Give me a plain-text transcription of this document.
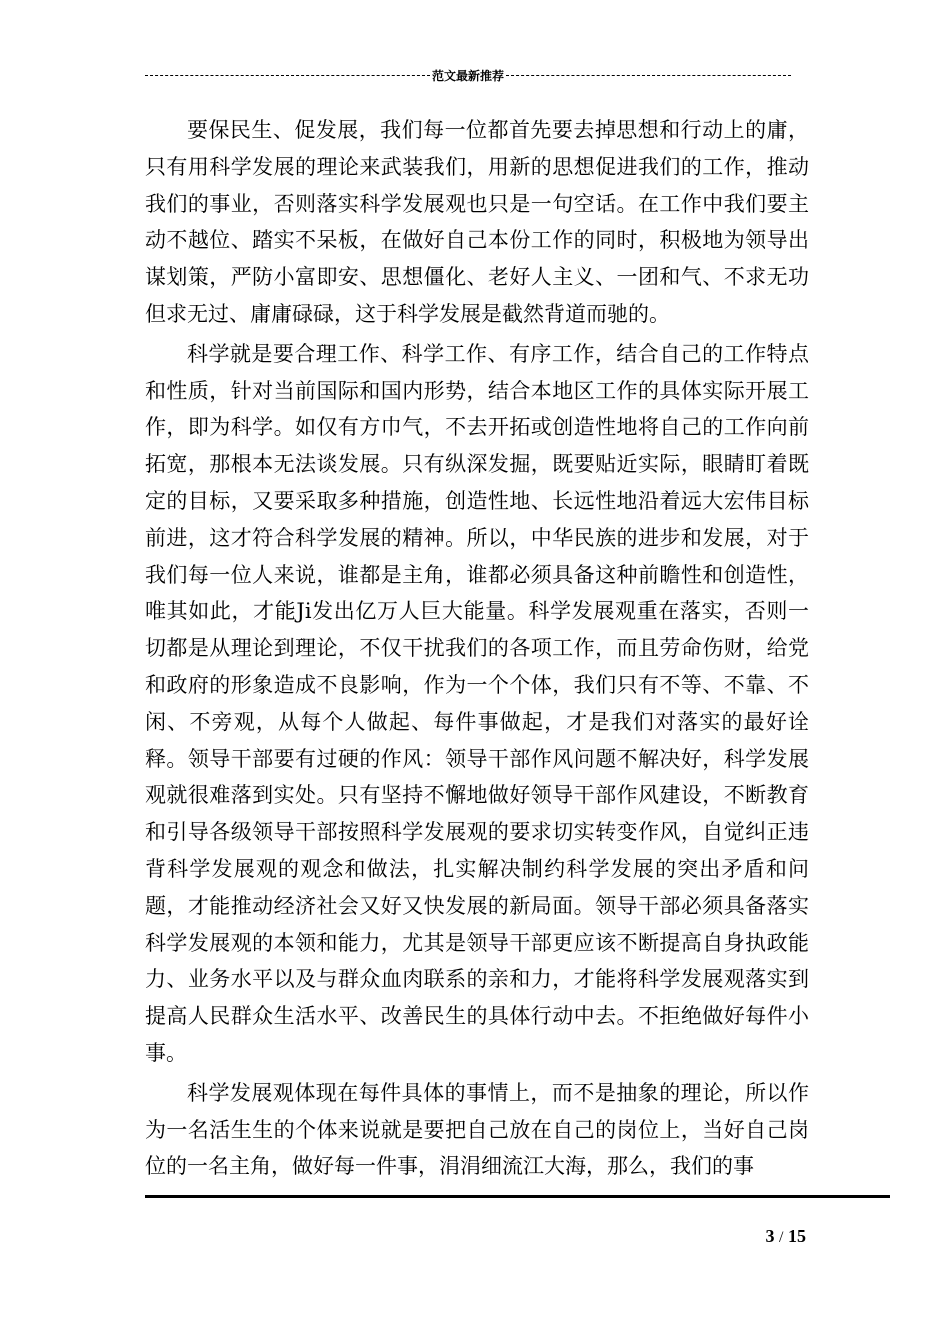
范文最新推荐

要保民生、促发展，我们每一位都首先要去掉思想和行动上的庸，只有用科学发展的理论来武装我们，用新的思想促进我们的工作，推动我们的事业，否则落实科学发展观也只是一句空话。在工作中我们要主动不越位、踏实不呆板，在做好自己本份工作的同时，积极地为领导出谋划策，严防小富即安、思想僵化、老好人主义、一团和气、不求无功但求无过、庸庸碌碌，这于科学发展是截然背道而驰的。

科学就是要合理工作、科学工作、有序工作，结合自己的工作特点和性质，针对当前国际和国内形势，结合本地区工作的具体实际开展工作，即为科学。如仅有方巾气，不去开拓或创造性地将自己的工作向前拓宽，那根本无法谈发展。只有纵深发掘，既要贴近实际，眼睛盯着既定的目标，又要采取多种措施，创造性地、长远性地沿着远大宏伟目标前进，这才符合科学发展的精神。所以，中华民族的进步和发展，对于我们每一位人来说，谁都是主角，谁都必须具备这种前瞻性和创造性，唯其如此，才能Ji发出亿万人巨大能量。科学发展观重在落实，否则一切都是从理论到理论，不仅干扰我们的各项工作，而且劳命伤财，给党和政府的形象造成不良影响，作为一个个体，我们只有不等、不靠、不闲、不旁观，从每个人做起、每件事做起，才是我们对落实的最好诠释。领导干部要有过硬的作风：领导干部作风问题不解决好，科学发展观就很难落到实处。只有坚持不懈地做好领导干部作风建设，不断教育和引导各级领导干部按照科学发展观的要求切实转变作风，自觉纠正违背科学发展观的观念和做法，扎实解决制约科学发展的突出矛盾和问题，才能推动经济社会又好又快发展的新局面。领导干部必须具备落实科学发展观的本领和能力，尤其是领导干部更应该不断提高自身执政能力、业务水平以及与群众血肉联系的亲和力，才能将科学发展观落实到提高人民群众生活水平、改善民生的具体行动中去。不拒绝做好每件小事。

科学发展观体现在每件具体的事情上，而不是抽象的理论，所以作为一名活生生的个体来说就是要把自己放在自己的岗位上，当好自己岗位的一名主角，做好每一件事，涓涓细流江大海，那么，我们的事

3 / 15
